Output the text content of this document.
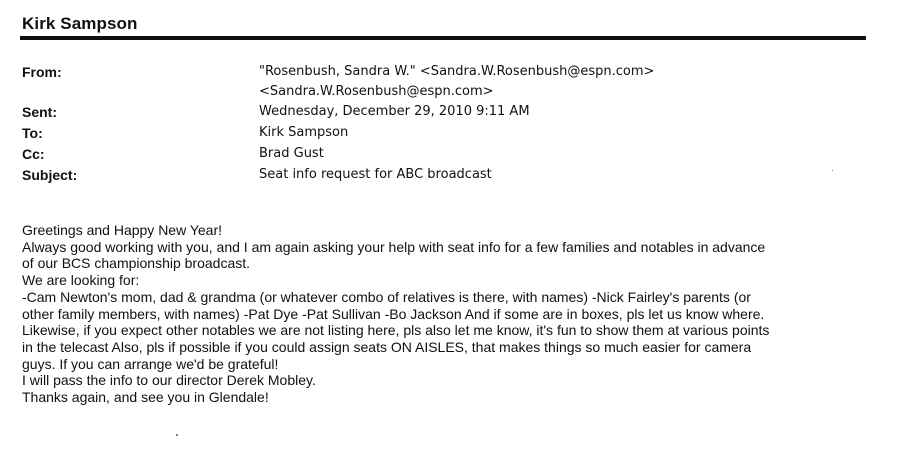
Kirk Sampson
From:	"Rosenbush, Sandra W." <Sandra.W.Rosenbush@espn.com>
<Sandra.W.Rosenbush@espn.com>
Sent:	Wednesday, December 29, 2010 9:11 AM
To:	Kirk Sampson
Cc:	Brad Gust
Subject:	Seat info request for ABC broadcast
Greetings and Happy New Year!
Always good working with you, and I am again asking your help with seat info for a few families and notables in advance
of our BCS championship broadcast.
We are looking for:
-Cam Newton's mom, dad & grandma (or whatever combo of relatives is there, with names) -Nick Fairley's parents (or
other family members, with names) -Pat Dye -Pat Sullivan -Bo Jackson And if some are in boxes, pls let us know where.
Likewise, if you expect other notables we are not listing here, pls also let me know, it's fun to show them at various points
in the telecast Also, pls if possible if you could assign seats ON AISLES, that makes things so much easier for camera
guys. If you can arrange we'd be grateful!
I will pass the info to our director Derek Mobley.
Thanks again, and see you in Glendale!
